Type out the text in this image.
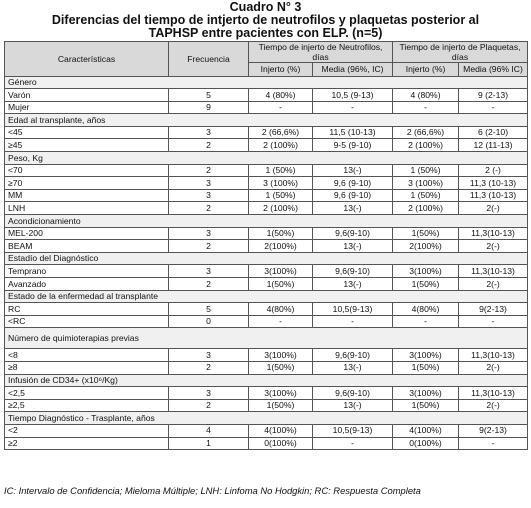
Cuadro N° 3
Diferencias del tiempo de intjerto de neutrofilos y plaquetas posterior al
TAPHSP entre pacientes con ELP. (n=5)
Características	Frecuencia	Tiempo de injerto de Neutrofilos, días		Tiempo de injerto de Plaquetas, días	
		Injerto (%)	Media (96%, IC)	Injerto (%)	Media (96% IC)
Género					
Varón	5	4 (80%)	10,5 (9-13)	4 (80%)	9 (2-13)
Mujer	9	-	-	-	-
Edad al transplante, años					
<45	3	2 (66,6%)	11,5 (10-13)	2 (66,6%)	6 (2-10)
≥45	2	2 (100%)	9-5 (9-10)	2 (100%)	12 (11-13)
Peso, Kg					
<70	2	1 (50%)	13(-)	1 (50%)	2 (-)
≥70	3	3 (100%)	9,6 (9-10)	3 (100%)	11,3 (10-13)
MM	3	1 (50%)	9,6 (9-10)	1 (50%)	11,3 (10-13)
LNH	2	2 (100%)	13(-)	2 (100%)	2(-)
Acondicionamiento					
MEL-200	3	1(50%)	9,6(9-10)	1(50%)	11,3(10-13)
BEAM	2	2(100%)	13(-)	2(100%)	2(-)
Estadío del Diagnóstico					
Temprano	3	3(100%)	9,6(9-10)	3(100%)	11,3(10-13)
Avanzado	2	1(50%)	13(-)	1(50%)	2(-)
Estado de la enfermedad al transplante					
RC	5	4(80%)	10,5(9-13)	4(80%)	9(2-13)
<RC	0	-	-	-	-
Número de quimioterapias previas					
<8	3	3(100%)	9,6(9-10)	3(100%)	11,3(10-13)
≥8	2	1(50%)	13(-)	1(50%)	2(-)
Infusión de CD34+ (x10⁶/Kg)					
<2,5	3	3(100%)	9,6(9-10)	3(100%)	11,3(10-13)
≥2,5	2	1(50%)	13(-)	1(50%)	2(-)
Tiempo Diagnóstico - Trasplante, años					
<2	4	4(100%)	10,5(9-13)	4(100%)	9(2-13)
≥2	1	0(100%)	-	0(100%)	-
IC: Intervalo de Confidencia; Mieloma Múltiple; LNH: Linfoma No Hodgkin; RC: Respuesta Completa
